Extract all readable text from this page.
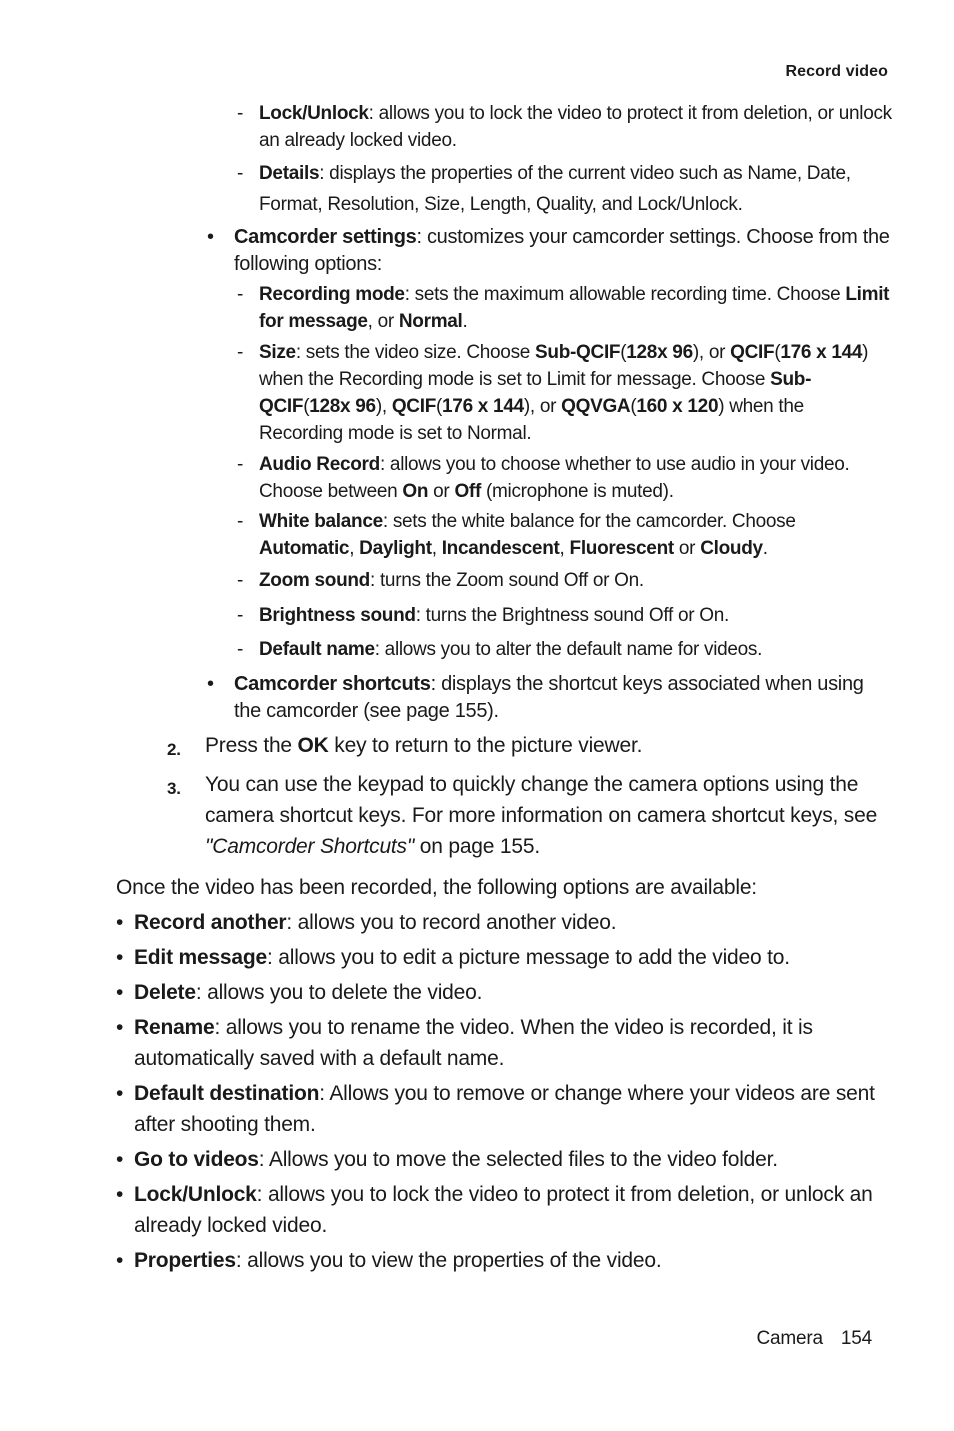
Record video
- Lock/Unlock: allows you to lock the video to protect it from deletion, or unlock an already locked video.
- Details: displays the properties of the current video such as Name, Date, Format, Resolution, Size, Length, Quality, and Lock/Unlock.
• Camcorder settings: customizes your camcorder settings. Choose from the following options:
- Recording mode: sets the maximum allowable recording time. Choose Limit for message, or Normal.
- Size: sets the video size. Choose Sub-QCIF(128x 96), or QCIF(176 x 144) when the Recording mode is set to Limit for message. Choose Sub-QCIF(128x 96), QCIF(176 x 144), or QQVGA(160 x 120) when the Recording mode is set to Normal.
- Audio Record: allows you to choose whether to use audio in your video. Choose between On or Off (microphone is muted).
- White balance: sets the white balance for the camcorder. Choose Automatic, Daylight, Incandescent, Fluorescent or Cloudy.
- Zoom sound: turns the Zoom sound Off or On.
- Brightness sound: turns the Brightness sound Off or On.
- Default name: allows you to alter the default name for videos.
• Camcorder shortcuts: displays the shortcut keys associated when using the camcorder (see page 155).
2. Press the OK key to return to the picture viewer.
3. You can use the keypad to quickly change the camera options using the camera shortcut keys. For more information on camera shortcut keys, see "Camcorder Shortcuts" on page 155.
Once the video has been recorded, the following options are available:
• Record another: allows you to record another video.
• Edit message: allows you to edit a picture message to add the video to.
• Delete: allows you to delete the video.
• Rename: allows you to rename the video. When the video is recorded, it is automatically saved with a default name.
• Default destination: Allows you to remove or change where your videos are sent after shooting them.
• Go to videos: Allows you to move the selected files to the video folder.
• Lock/Unlock: allows you to lock the video to protect it from deletion, or unlock an already locked video.
• Properties: allows you to view the properties of the video.
Camera 154
